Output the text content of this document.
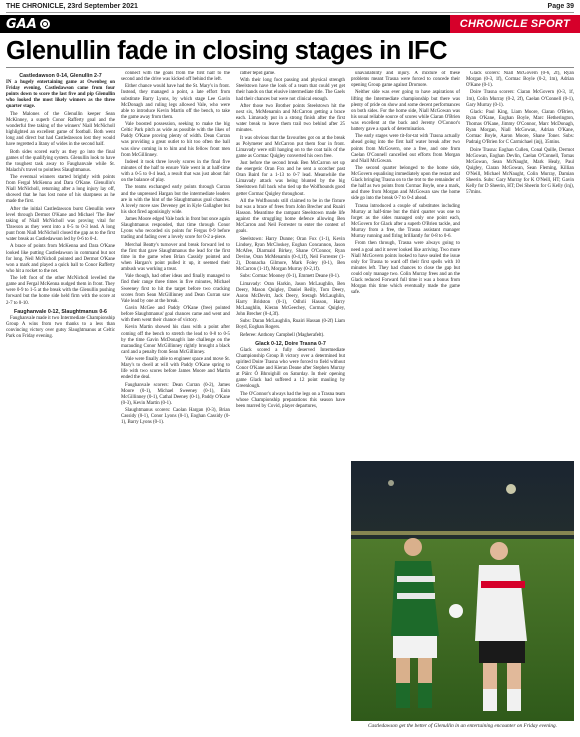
THE CHRONICLE, 23rd September 2021	Page 39
GAA	CHRONICLE SPORT
Glenullin fade in closing stages in IFC

Castledawson 0-14, Glenullin 2-7

IN a hugely entertaining game at Owenbeg on Friday evening, Castledawson came from four points down to score the last five and pip Glenullin who looked the most likely winners as the three quarter stage.

The Malones of the Glenullin keeper Sean McKinney, a superb Conor Rafferty goal and the wonderful free taking of the winners' Niall McNicholl highlighted an excellent game of football. Both went long and direct but had Castledawson lost they would have regretted a litany of wides in the second half.

Both sides scored early as they go into the final games of the qualifying system. Glenullin look to have the toughest task away to Faughanvale while St. Malachi's travel to pointless Slaughtmanus.

The eventual winners started brightly with points from Fergal McKenna and Dara O'Kane. Glenullin's Niall McNicholl, returning after a long injury lay off, showed that he has lost none of his sharpness as he made the first.

After the initial Castledawson burst Glenullin were level through Dermot O'Kane and Michael 'The Bee' taking of Niall McNicholl was proving vital for 'Dawson as they went into a 0-5 to 0-3 lead. A long punt from Niall McNicholl closed the gap as to the first water break as Castledawson led by 0-6 to 0-4.

A brace of points from McKenna and Dara O'Kane looked like putting Castledawson in command but not for long. Neil McNicholl pointed and Dermot O'Kane won a mark and played a quick ball to Conor Rafferty who hit a rocket to the net.

The left foot of the other McNicholl levelled the game and Fergal McKenna nudged them in front. They were 0-9 to 1-5 at the break with the Glenullin pushing forward but the home side held firm with the score at 2-7 to 0-10.

Faughanvale 0-12, Slaughtmanus 0-6

Faughanvale made it two Intermediate Championship Group A wins from two thanks to a less than convincing victory over gutsy Slaughtmanus at Celtic Park on Friday evening.

connect with the goals from the first half to the second and the drive was kicked off behind the left.

Either chance would have had the St. Mary's in front. Instead, they managed a point, a late effort from substitute Barry Lyons, by which stage Lee Gavin McDonagh and ruling legs allowed Vale, who were able to introduce Kevin Martin off the bench, to take the game away from them.

Vale boosted possession, seeking to make the big Celtic Park pitch as wide as possible with the likes of Paddy O'Kane proving plenty of width. Dean Curran was providing a great outlet to hit too often the ball was slow coming in to him and his fellow front men from McGillinney.

Indeed it took three lovely scores in the final five minutes of the half to ensure Vale went in at half-time with a 0-5 to 0-4 lead, a result that was just about fair on the balance of play.

The teams exchanged early points through Curran and the unpressed Hargan but the intermediate leaders are in with the hint of the Slaughtmanus goal chances. A lovely move saw Deveney get in Kyle Gallagher but his shot fired agonisingly wide.

James Moore edged Vale back in front but once again Slaughtmanus responded, that time through Conor Lyons who recorded six points for Fergus 0-9 before trading and fading over a lovely score for 0-2 a-piece.

Merchal Beatty's turnover and break forward led to the first that gave Slaughtmanus the lead for the first time in the game when Brian Cassidy pointed and when Hargan's point pulled it up, it seemed their ambush was working a treat.

Vale though, had other ideas and finally managed to find their range three times in five minutes, Michael Sweeney first to hit the target before two cracking scores from Sean McGillinney and Dean Curran saw Vale lead by one at the break.

Gavin McGee and Paddy O'Kane (free) pointed before Slaughtmanus' goal chances came and went and with them went their chance of victory.

Kevin Martin showed his class with a point after coming off the bench to stretch the lead to 0-8 to 0-5 by the time Gavin McDonagh's late challenge on the marauding Conor McGillinney rightly brought a black card and a penalty from Sean McGillinney.

Vale were finally able to engineer space and move St. Mary's to dwell at will with Paddy O'Kane spring to life with two scores before James Moore and Martin ended the deal.

Faughanvale scorers: Dean Curran (0-2), James Moore (0-1), Michael Sweeney (0-1), Eoin McGillinney (0-1), Cathal Deeney (0-1), Paddy O'Kane (0-3), Kevin Martin (0-1).

Slaughtmanus scorers: Caolan Hargan (0-3), Brian Cassidy (0-1), Conor Lyons (0-1), Eoghan Cassidy (0-1), Barry Lyons (0-1).

rather tepid game.

With their long foot passing and physical strength Steelstown have the look of a team that could yet get their hands on that elusive intermediate title. The Gaels had their chances but were not clinical enough.

After those two Brother points Steelstown hit the next six, McMenamin and McCarron getting a brace each. Limavady put in a strong finish after the first water break to leave them trail two behind after 25 minutes.

It was obvious that the favourites got on at the break as Polymeter and McCarron put them four in front. Limavady were still hanging on to the coat tails of the game as Cormac Quigley converted his own free.

Just before the second break Ben McCarron set up the energetic Oran Fox and he sent a scorcher past Oran Baird for a 1-13 to 0-7 lead. Meanwhile the Limavady attack was being blunted by the big Steelstown full back who tied up the Wolfhounds good getter Cormac Quigley throughout.

All the Wolfhounds still claimed to be in the fixture but was a brace of frees from John Brecher and Ruairi Hasson. Meantime the rampant Steelstown made life against the struggling home defence allowing Ben McCarron and Neil Forrester to enter the contest of goals.

Steelstown: Harry Dunne; Oran Fox (1-1), Kevin Lindsey, Ryan McCloskey, Eoghan Concannon, Jason McAfee, Diarmaid Birkey, Shane O'Connor, Ryan Devine, Oran McMenamin (0-4,1f), Neil Forrester (1-2), Donnacha Gilmore, Mark Foley (0-1), Ben McCarron (1-1f), Morgan Murray (0-2,1f).

Subs: Cormac Mooney (0-1), Emmett Deane (0-1).

Limavady: Oran Harkin, Jason McLaughlin, Ben Deery, Mason Quigley, Daniel Reilly, Tom Deery, Aaron McDevitt, Jack Deery, Steragh McLaughlin, Harry Bridston (0-1), Odhrii Hasson, Harry McLaughlin, Kieran McGeechey, Cormac Quigley, John Brecher (0-4,3f).

Subs: Daran McLaughlin, Ruairi Hassan (0-2f) Liam Boyd, Eoghan Rogers.

Referee: Anthony Campbell (Magherafelt).

Glack 0-12, Doire Trasna 0-7

Glack scored a fully deserved Intermediate Championship Group B victory over a determined but spirited Doire Trasna who were forced to field without Conor O'Kane and Kieran Deane after Stephen Murray at Páirc Ó Bhroighill on Saturday. In their opening game Glack had suffered a 12 point mauling by Greenlough.

The O'Connor's always had the legs on a Trasna team whose Championship preparations this season have been marred by Covid, player departures,

unavailability and injury. A mixture of these problems meant Trasna were forced to concede their opening Group game against Dromore.

Neither side was ever going to have aspirations of lifting the Intermediate championship but there was plenty of pride on show and some decent performances on both sides. For the home side, Niall McGowan was his usual reliable source of scores while Ciaran O'Brien was excellent at the back and Jeremy O'Connor's battery gave a spark of determination.

The early stages were tit-for-tat with Trasna actually ahead going into the first half water break after two points from McGovern, one a free, and one from Caelan O'Connell cancelled out efforts from Morgan and Niall McGowan.

The second quarter belonged to the home side, McGovern equalising immediately upon the restart and Glack bringing Trasna on to the trot to the remainder of the half as two points from Cormac Boyle, one a mark, and three from Morgan and McGowan saw the home side go into the break 0-7 to 0-4 ahead.

Trasna introduced a couple of substitutes including Murray at half-time but the third quarter was one to forget as the sides managed only one point each, McGovern for Glack after a superb O'Brien tackle, and Murray from a free, the Trasna assistant manager Murray running and firing brilliantly for 0-8 to 0-6.

From then through, Trasna were always going to need a goal and it never looked like arriving. Two more Niall McGovern points looked to have sealed the issue only for Trasna to ward off their first spells with 10 minutes left. They had chances to close the gap but could only manage two. Colin Murray frees and an the Glack reduced Forward full time it was a bonus from Morgan this time which eventually made the game safe.

Glack scorers: Niall McGovern (0-6, 2f), Ryan Morgan (0-3, 1f), Cormac Boyle (0-2, 1m), Adrian O'Kane (0-1).

Doire Trasna scorers: Ciaran McGovern (0-3, 1f, 1m), Colin Murray (0-2, 2f), Caelan O'Connell (0-1), Gary Murray (0-1).

Glack: Paul King, Liam Moore, Ciaran O'Brien, Ryan O'Kane, Eoghan Boyle, Marc Hetherington, Thomas O'Kane, Jimmy O'Connor, Marc McDonagh, Ryan Morgan, Niall McGowan, Adrian O'Kane, Cormac Boyle, Aaron Moore, Shane Toner. Subs: Padraig O'Brien for C Carmichael (inj), 35mins.

Doire Trasna: Eoghan Cullen, Conal Quille, Dermot McGowan, Eoghan Devlin, Caelan O'Connell, Tomas McGowan, Sean McNaught, Mark Healy, Paul Quigley, Ciaran McGowan, Sean Fleming, Killian O'Neill, Michael McNaught, Colin Murray, Damian Sheerin. Subs: Gary Murray for K O'Neill, HT; Gavin Kelly for D Sheerin, HT; Dei Sheerin for G Kelly (inj), 57mins.

Castledawson get the better of Glenullin in an entertaining encounter on Friday evening.
